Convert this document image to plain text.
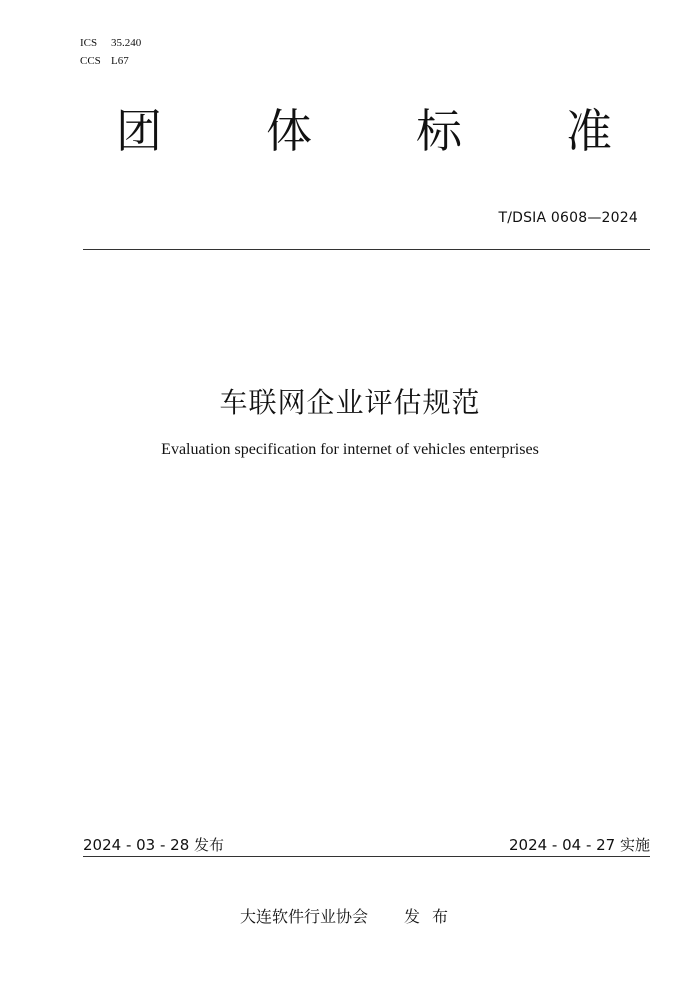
ICS 35.240
CCS L67
团 体 标 准
T/DSIA 0608—2024
车联网企业评估规范
Evaluation specification for internet of vehicles enterprises
2024 - 03 - 28 发布	2024 - 04 - 27 实施
大连软件行业协会 发布
